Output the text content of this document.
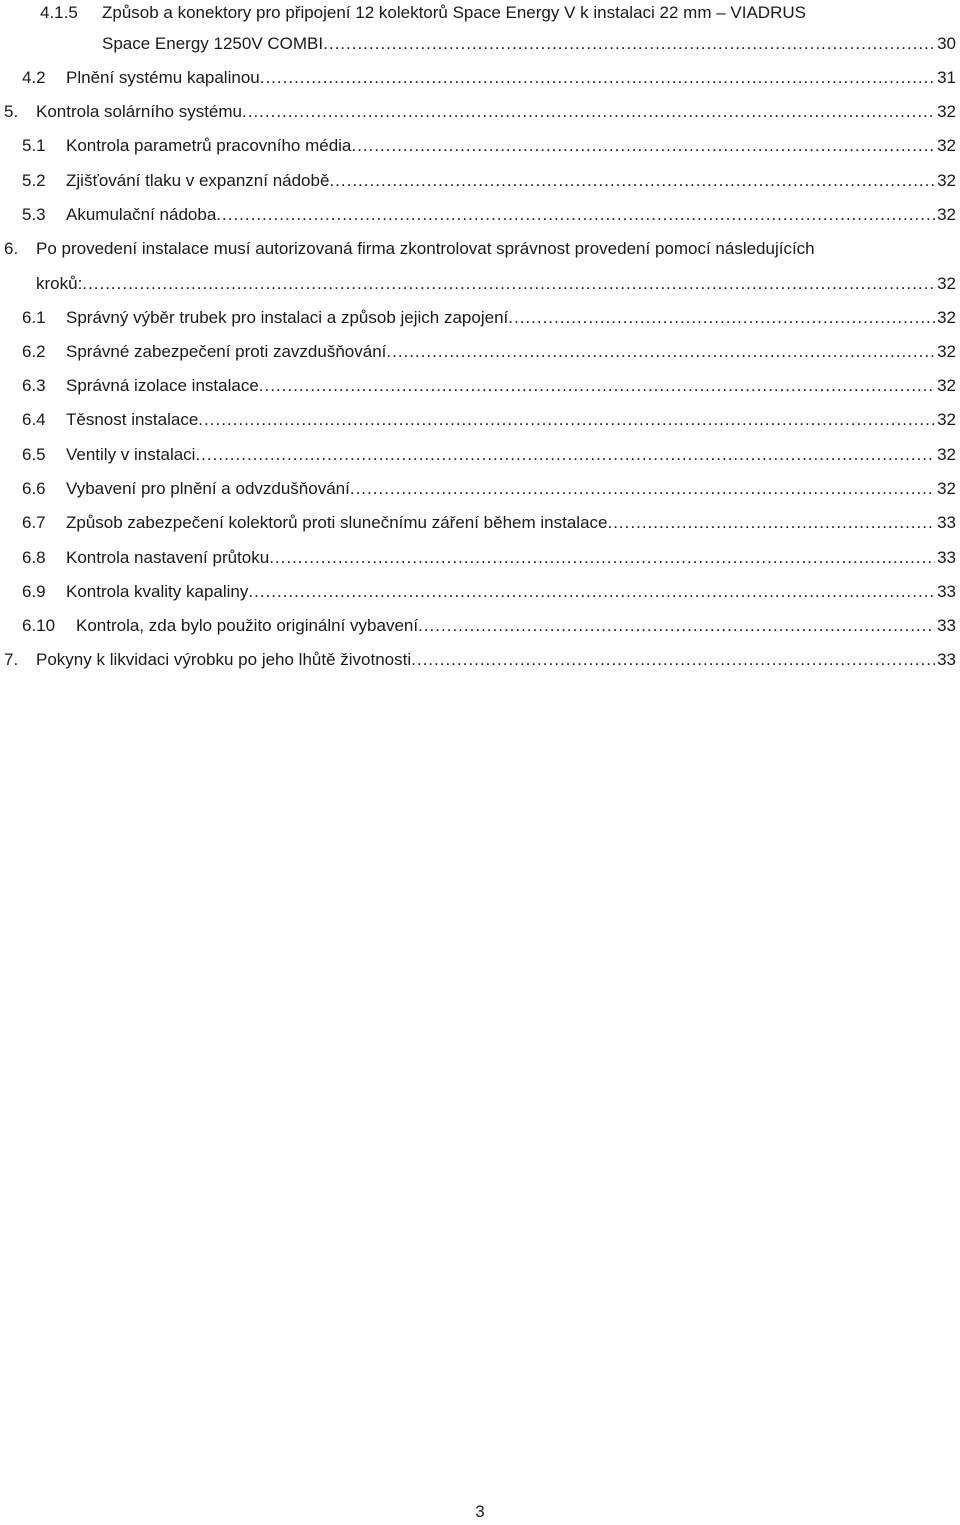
4.1.5	Způsob a konektory pro připojení 12 kolektorů Space Energy V k instalaci 22 mm – VIADRUS
Space Energy 1250V COMBI .....	30
4.2	Plnění systému kapalinou .....	31
5.	Kontrola solárního systému .....	32
5.1	Kontrola parametrů pracovního média .....	32
5.2	Zjišťování tlaku v expanzní nádobě .....	32
5.3	Akumulační nádoba .....	32
6.	Po provedení instalace musí autorizovaná firma zkontrolovat správnost provedení pomocí následujících
kroků: .....	32
6.1	Správný výběr trubek pro instalaci a způsob jejich zapojení .....	32
6.2	Správné zabezpečení proti zavzdušňování .....	32
6.3	Správná izolace instalace .....	32
6.4	Těsnost instalace .....	32
6.5	Ventily v instalaci .....	32
6.6	Vybavení pro plnění a odvzdušňování .....	32
6.7	Způsob zabezpečení kolektorů proti slunečnímu záření během instalace .....	33
6.8	Kontrola nastavení průtoku .....	33
6.9	Kontrola kvality kapaliny .....	33
6.10	Kontrola, zda bylo použito originální vybavení .....	33
7.	Pokyny k likvidaci výrobku po jeho lhůtě životnosti .....	33
3
